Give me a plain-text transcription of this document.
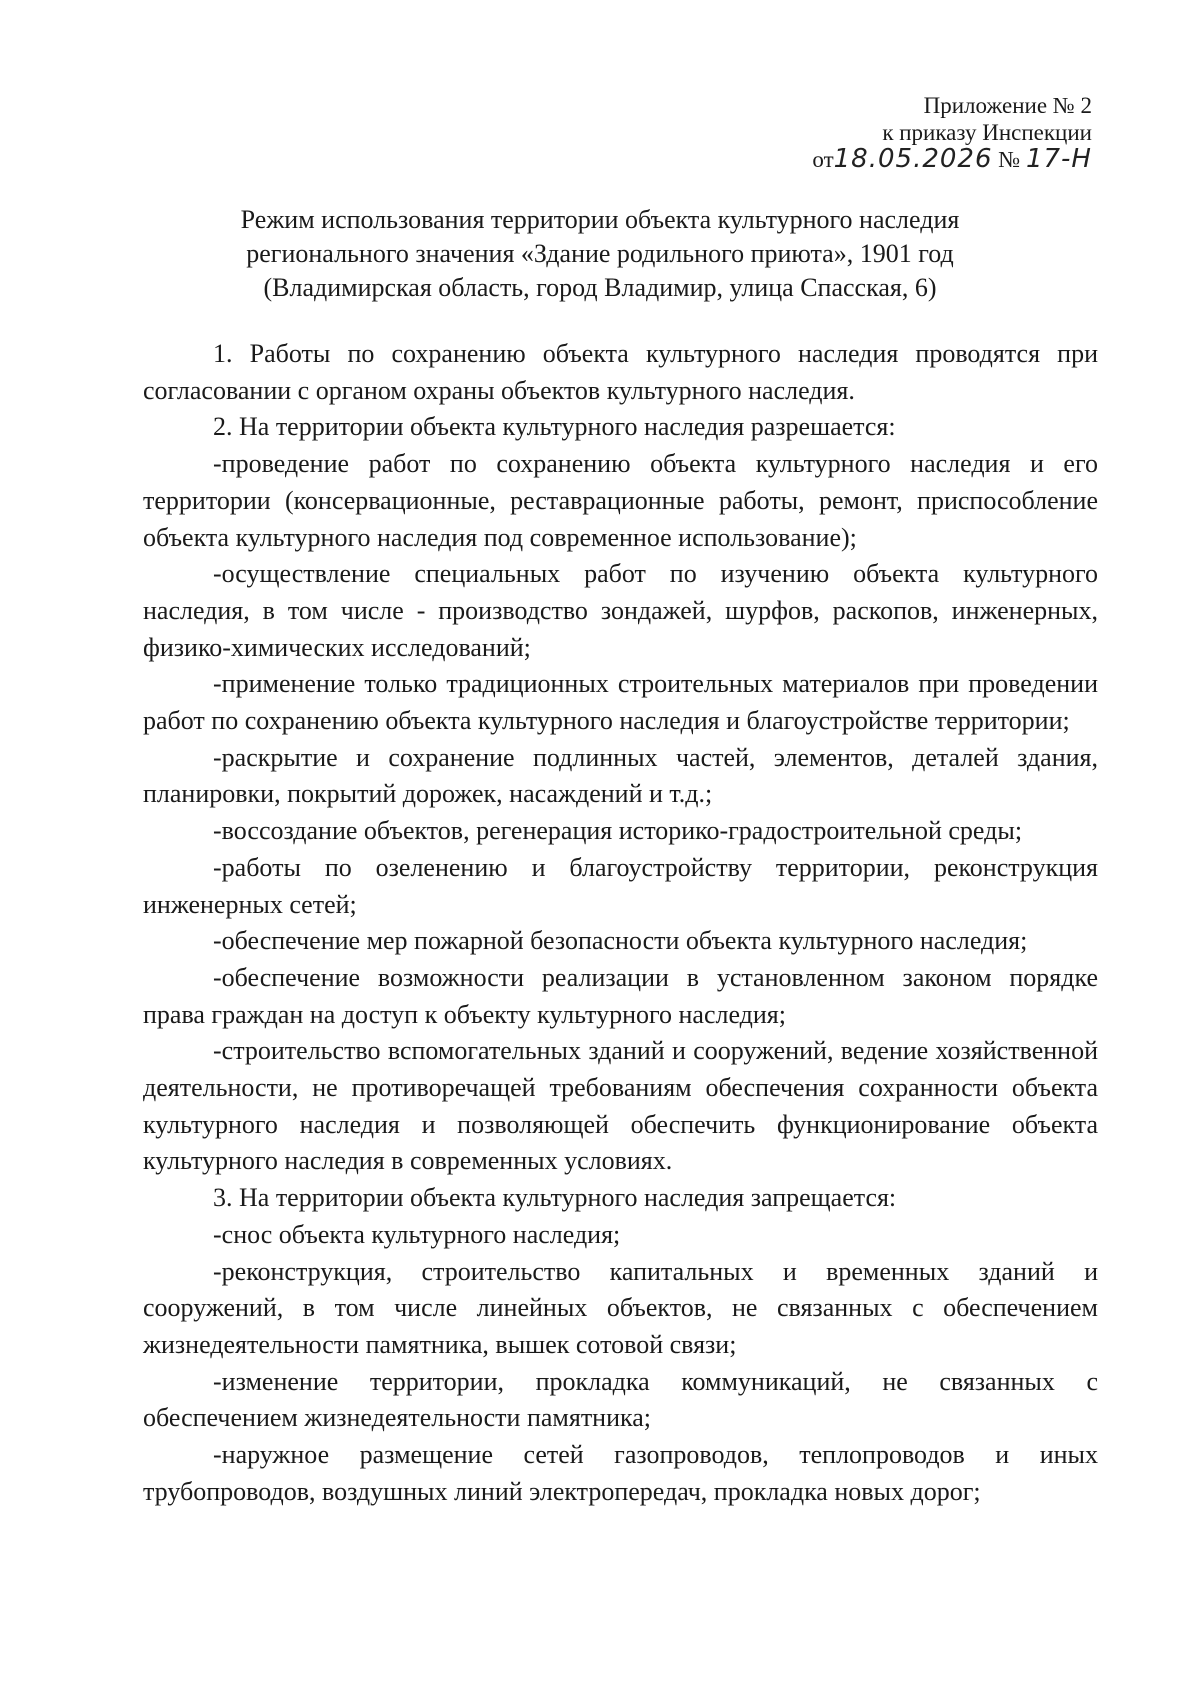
Приложение № 2
к приказу Инспекции
от18.05.2026 № 17-Н
Режим использования территории объекта культурного наследия
регионального значения «Здание родильного приюта», 1901 год
(Владимирская область, город Владимир, улица Спасская, 6)

1. Работы по сохранению объекта культурного наследия проводятся при согласовании с органом охраны объектов культурного наследия.

2. На территории объекта культурного наследия разрешается:

-проведение работ по сохранению объекта культурного наследия и его территории (консервационные, реставрационные работы, ремонт, приспособление объекта культурного наследия под современное использование);

-осуществление специальных работ по изучению объекта культурного наследия, в том числе - производство зондажей, шурфов, раскопов, инженерных, физико-химических исследований;

-применение только традиционных строительных материалов при проведении работ по сохранению объекта культурного наследия и благоустройстве территории;

-раскрытие и сохранение подлинных частей, элементов, деталей здания, планировки, покрытий дорожек, насаждений и т.д.;

-воссоздание объектов, регенерация историко-градостроительной среды;

-работы по озеленению и благоустройству территории, реконструкция инженерных сетей;

-обеспечение мер пожарной безопасности объекта культурного наследия;

-обеспечение возможности реализации в установленном законом порядке права граждан на доступ к объекту культурного наследия;

-строительство вспомогательных зданий и сооружений, ведение хозяйственной деятельности, не противоречащей требованиям обеспечения сохранности объекта культурного наследия и позволяющей обеспечить функционирование объекта культурного наследия в современных условиях.

3. На территории объекта культурного наследия запрещается:

-снос объекта культурного наследия;

-реконструкция, строительство капитальных и временных зданий и сооружений, в том числе линейных объектов, не связанных с обеспечением жизнедеятельности памятника, вышек сотовой связи;

-изменение территории, прокладка коммуникаций, не связанных с обеспечением жизнедеятельности памятника;

-наружное размещение сетей газопроводов, теплопроводов и иных трубопроводов, воздушных линий электропередач, прокладка новых дорог;
